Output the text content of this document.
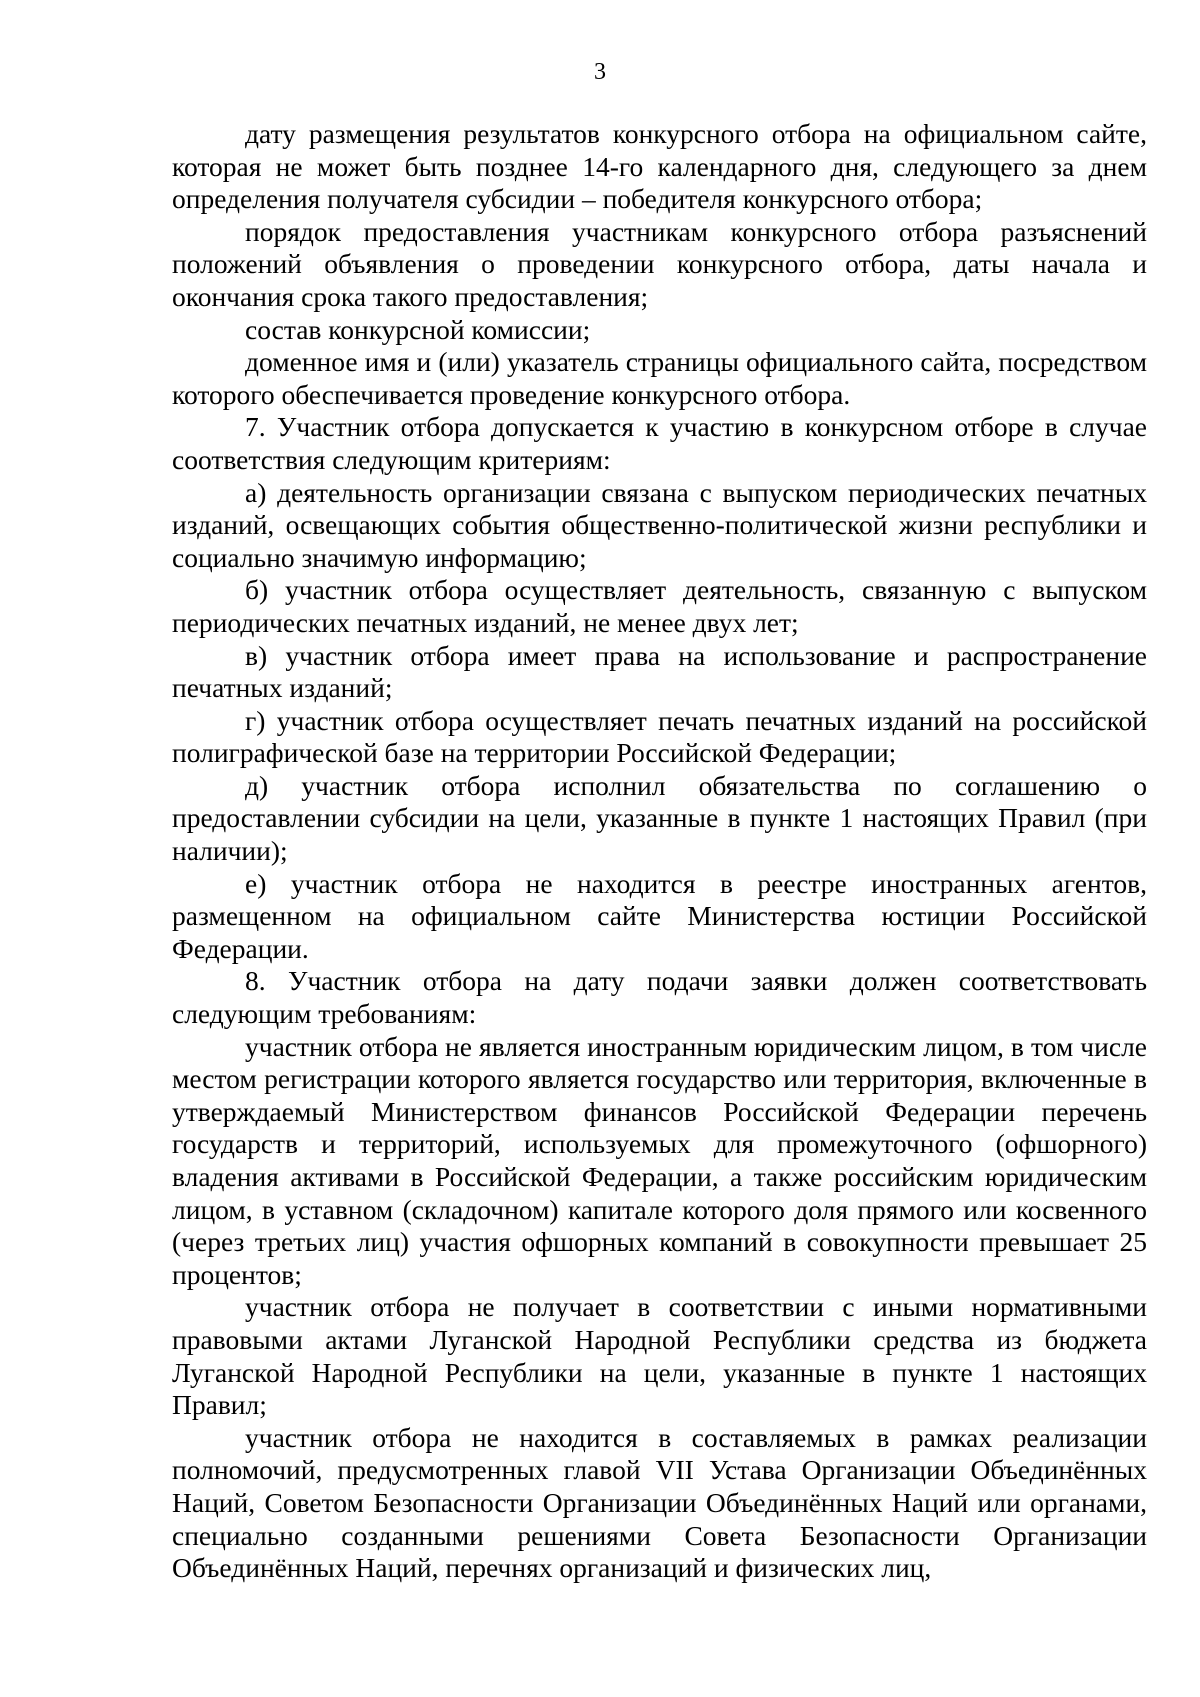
3

дату размещения результатов конкурсного отбора на официальном сайте, которая не может быть позднее 14-го календарного дня, следующего за днем определения получателя субсидии – победителя конкурсного отбора;

порядок предоставления участникам конкурсного отбора разъяснений положений объявления о проведении конкурсного отбора, даты начала и окончания срока такого предоставления;

состав конкурсной комиссии;

доменное имя и (или) указатель страницы официального сайта, посредством которого обеспечивается проведение конкурсного отбора.

7. Участник отбора допускается к участию в конкурсном отборе в случае соответствия следующим критериям:

а) деятельность организации связана с выпуском периодических печатных изданий, освещающих события общественно-политической жизни республики и социально значимую информацию;

б) участник отбора осуществляет деятельность, связанную с выпуском периодических печатных изданий, не менее двух лет;

в) участник отбора имеет права на использование и распространение печатных изданий;

г) участник отбора осуществляет печать печатных изданий на российской полиграфической базе на территории Российской Федерации;

д) участник отбора исполнил обязательства по соглашению о предоставлении субсидии на цели, указанные в пункте 1 настоящих Правил (при наличии);

е) участник отбора не находится в реестре иностранных агентов, размещенном на официальном сайте Министерства юстиции Российской Федерации.

8. Участник отбора на дату подачи заявки должен соответствовать следующим требованиям:

участник отбора не является иностранным юридическим лицом, в том числе местом регистрации которого является государство или территория, включенные в утверждаемый Министерством финансов Российской Федерации перечень государств и территорий, используемых для промежуточного (офшорного) владения активами в Российской Федерации, а также российским юридическим лицом, в уставном (складочном) капитале которого доля прямого или косвенного (через третьих лиц) участия офшорных компаний в совокупности превышает 25 процентов;

участник отбора не получает в соответствии с иными нормативными правовыми актами Луганской Народной Республики средства из бюджета Луганской Народной Республики на цели, указанные в пункте 1 настоящих Правил;

участник отбора не находится в составляемых в рамках реализации полномочий, предусмотренных главой VII Устава Организации Объединённых Наций, Советом Безопасности Организации Объединённых Наций или органами, специально созданными решениями Совета Безопасности Организации Объединённых Наций, перечнях организаций и физических лиц,
